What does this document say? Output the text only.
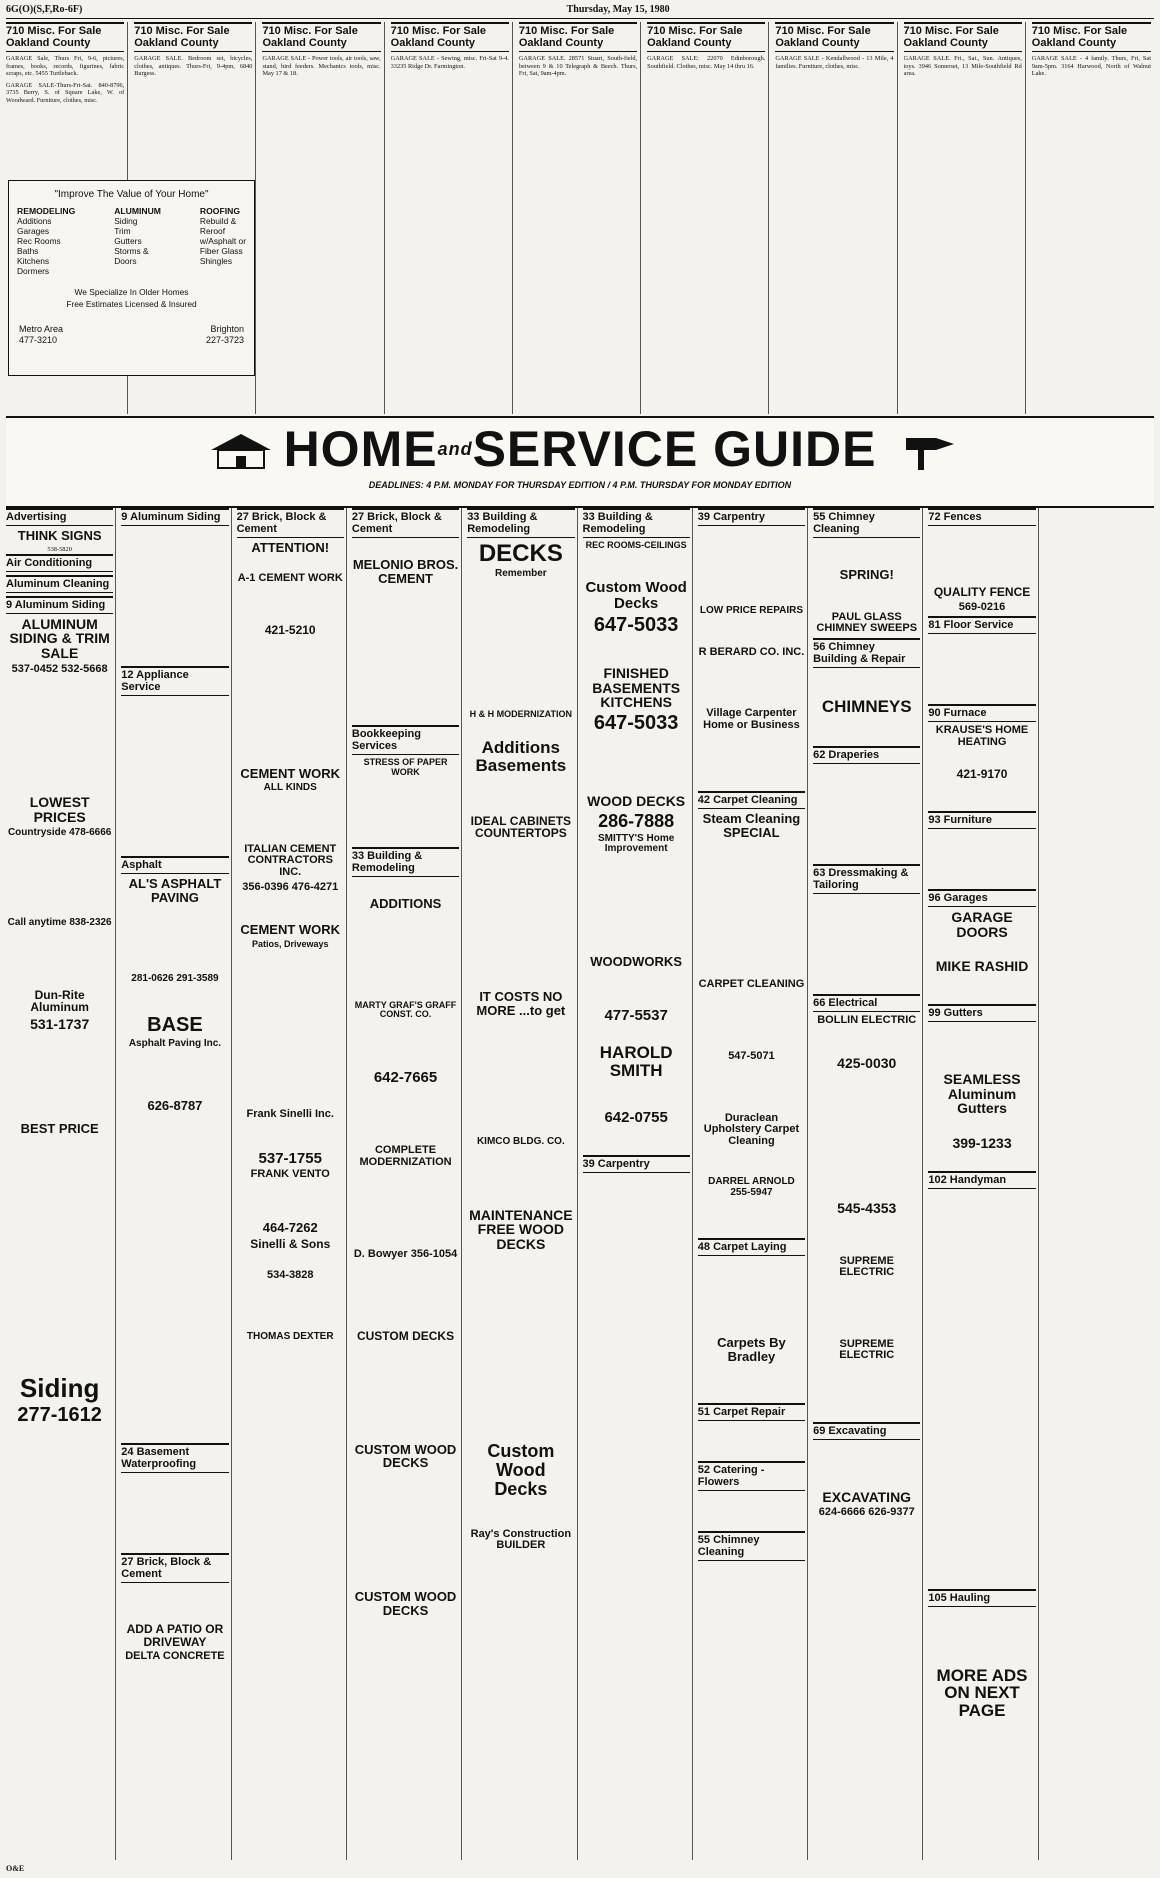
6G(O)(S,F,Ro-6F)	Thursday, May 15, 1980
710 Misc. For Sale Oakland County
GARAGE Sale, Thurs Fri, 9-6, pictures, frames, books, records, figurines, fabric scraps, etc. 5455 Turtleback.
GARAGE SALE-Thurs-Fri-Sat. 840-8796, 3735 Berry, S. of Square Lake, W. of Woodward. Furniture, clothes, misc.
710 Misc. For Sale Oakland County
GARAGE SALE. Bedroom set, bicycles, clothes, antiques. Thurs-Fri, 9-4pm, 6840 Burgess.
710 Misc. For Sale Oakland County
GARAGE SALE - Power tools, air tools, saw, stand, bird feeders. Mechanics tools, misc. May 17 & 18.
710 Misc. For Sale Oakland County
GARAGE SALE - Sewing, misc. Fri-Sat 9-4. 33235 Ridge Dr. Farmington.
710 Misc. For Sale Oakland County
GARAGE SALE. 28571 Stuart, South-field, between 9 & 10 Telegraph & Beech. Thurs, Fri, Sat, 9am-4pm.
710 Misc. For Sale Oakland County
GARAGE SALE: 22070 Edinborough. Southfield. Clothes, misc. May 14 thru 16.
710 Misc. For Sale Oakland County
GARAGE SALE - Kendallwood - 13 Mile, 4 families. Furniture, clothes, misc.
710 Misc. For Sale Oakland County
GARAGE SALE. Fri., Sat., Sun. Antiques, toys. 3946 Somerset, 13 Mile-Southfield Rd area.
710 Misc. For Sale Oakland County
GARAGE SALE - 4 family. Thurs, Fri, Sat 9am-5pm. 3164 Harwood, North of Walnut Lake.
"Improve The Value of Your Home"
REMODELING
Additions
Garages
Rec Rooms
Baths
Kitchens
Dormers
ALUMINUM
Siding
Trim
Gutters
Storms &
Doors
ROOFING
Rebuild &
Reroof
w/Asphalt or
Fiber Glass
Shingles
We Specialize In Older Homes
Free Estimates Licensed & Insured
Metro Area
477-3210
Brighton
227-3723
$HOME^{and}SERVICE$ GUIDE
DEADLINES: 4 P.M. MONDAY FOR THURSDAY EDITION / 4 P.M. THURSDAY FOR MONDAY EDITION
Advertising
THINK SIGNS
538-5820
Air Conditioning
Aluminum Cleaning
9 Aluminum Siding
ALUMINUM SIDING & TRIM SALE
537-0452 532-5668
LOWEST PRICES
Countryside 478-6666
Call anytime 838-2326
Dun-Rite Aluminum
531-1737
BEST PRICE
Siding
277-1612
9 Aluminum Siding
12 Appliance Service
Asphalt
AL'S ASPHALT PAVING
281-0626 291-3589
BASE
Asphalt Paving Inc.
626-8787
24 Basement Waterproofing
27 Brick, Block & Cement
ADD A PATIO OR DRIVEWAY
DELTA CONCRETE
27 Brick, Block & Cement
ATTENTION!
A-1 CEMENT WORK
421-5210
CEMENT WORK
ALL KINDS
ITALIAN CEMENT CONTRACTORS INC.
356-0396 476-4271
CEMENT WORK
Patios, Driveways
Frank Sinelli Inc.
537-1755
FRANK VENTO
464-7262
Sinelli & Sons
534-3828
THOMAS DEXTER
27 Brick, Block & Cement
MELONIO BROS. CEMENT
Bookkeeping Services
STRESS OF PAPER WORK
33 Building & Remodeling
ADDITIONS
MARTY GRAF'S GRAFF CONST. CO.
642-7665
COMPLETE MODERNIZATION
D. Bowyer 356-1054
CUSTOM DECKS
CUSTOM WOOD DECKS
CUSTOM WOOD DECKS
33 Building & Remodeling
DECKS
Remember
H & H MODERNIZATION
Additions Basements
IDEAL CABINETS COUNTERTOPS
IT COSTS NO MORE ...to get
KIMCO BLDG. CO.
MAINTENANCE FREE WOOD DECKS
Custom Wood Decks
Ray's Construction BUILDER
33 Building & Remodeling
REC ROOMS-CEILINGS
Custom Wood Decks
647-5033
FINISHED BASEMENTS KITCHENS
647-5033
WOOD DECKS
286-7888
SMITTY'S Home Improvement
WOODWORKS
477-5537
HAROLD SMITH
642-0755
39 Carpentry
39 Carpentry
LOW PRICE REPAIRS
R BERARD CO. INC.
Village Carpenter Home or Business
42 Carpet Cleaning
Steam Cleaning SPECIAL
CARPET CLEANING
547-5071
Duraclean Upholstery Carpet Cleaning
DARREL ARNOLD 255-5947
48 Carpet Laying
Carpets By Bradley
51 Carpet Repair
52 Catering - Flowers
55 Chimney Cleaning
55 Chimney Cleaning
SPRING!
PAUL GLASS CHIMNEY SWEEPS
56 Chimney Building & Repair
CHIMNEYS
62 Draperies
63 Dressmaking & Tailoring
66 Electrical
BOLLIN ELECTRIC
425-0030
545-4353
SUPREME ELECTRIC
SUPREME ELECTRIC
69 Excavating
EXCAVATING
624-6666 626-9377
72 Fences
QUALITY FENCE
569-0216
81 Floor Service
90 Furnace
KRAUSE'S HOME HEATING
421-9170
93 Furniture
96 Garages
GARAGE DOORS
MIKE RASHID
99 Gutters
SEAMLESS Aluminum Gutters
399-1233
102 Handyman
105 Hauling
MORE ADS ON NEXT PAGE
O&E
